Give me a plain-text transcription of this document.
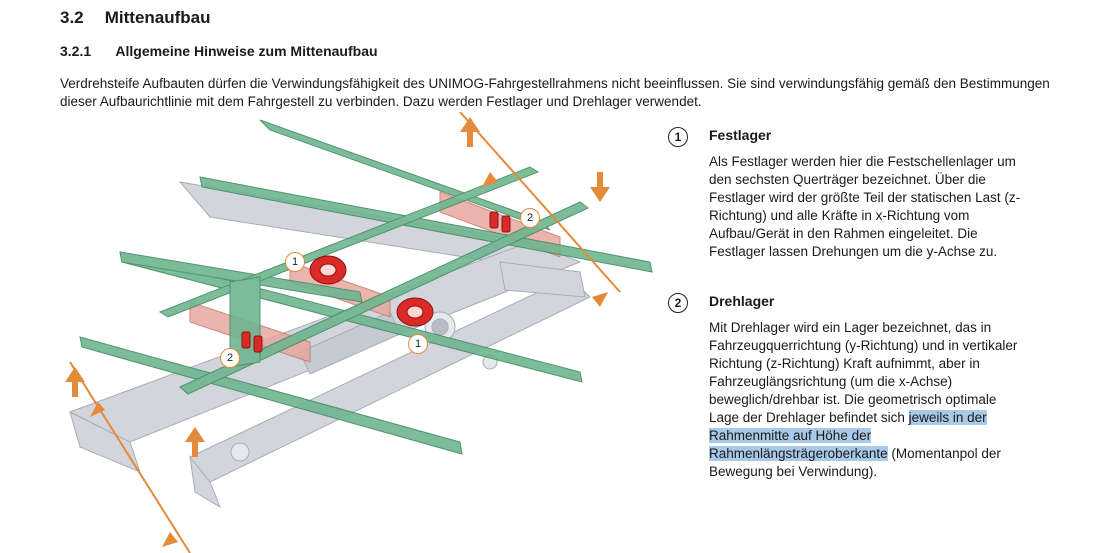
3.2 Mittenaufbau
3.2.1 Allgemeine Hinweise zum Mittenaufbau

Verdrehsteife Aufbauten dürfen die Verwindungsfähigkeit des UNIMOG-Fahrgestellrahmens nicht beeinflussen. Sie sind verwindungsfähig gemäß den Bestimmungen dieser Aufbaurichtlinie mit dem Fahrgestell zu verbinden. Dazu werden Festlager und Drehlager verwendet.

1
1
2
2
1	Festlager

Als Festlager werden hier die Festschellenlager um den sechsten Querträger bezeichnet. Über die Festlager wird der größte Teil der statischen Last (z-Richtung) und alle Kräfte in x-Richtung vom Aufbau/Gerät in den Rahmen eingeleitet. Die Festlager lassen Drehungen um die y-Achse zu.

2	Drehlager

Mit Drehlager wird ein Lager bezeichnet, das in Fahrzeugquerrichtung (y-Richtung) und in vertikaler Richtung (z-Richtung) Kraft aufnimmt, aber in Fahrzeuglängsrichtung (um die x-Achse) beweglich/drehbar ist. Die geometrisch optimale Lage der Drehlager befindet sich jeweils in der Rahmenmitte auf Höhe der Rahmenlängsträgeroberkante (Momentanpol der Bewegung bei Verwindung).
